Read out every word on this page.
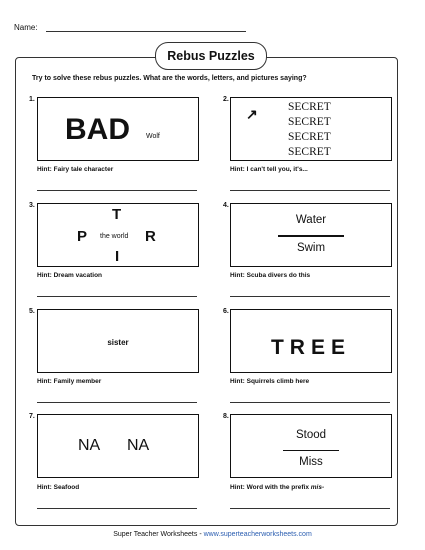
Name:
Rebus Puzzles
Try to solve these rebus puzzles. What are the words, letters, and pictures saying?
1.
BAD Wolf
Hint: Fairy tale character
2.
↗	SECRET
SECRET
SECRET
SECRET
Hint: I can't tell you, it's...
3.
T
P the world R
I
Hint: Dream vacation
4.
Water
Swim
Hint: Scuba divers do this
5.
sister
Hint: Family member
6.
TREE
Hint: Squirrels climb here
7.
NA NA
Hint: Seafood
8.
Stood
Miss
Hint: Word with the prefix mis-
Super Teacher Worksheets - www.superteacherworksheets.com
